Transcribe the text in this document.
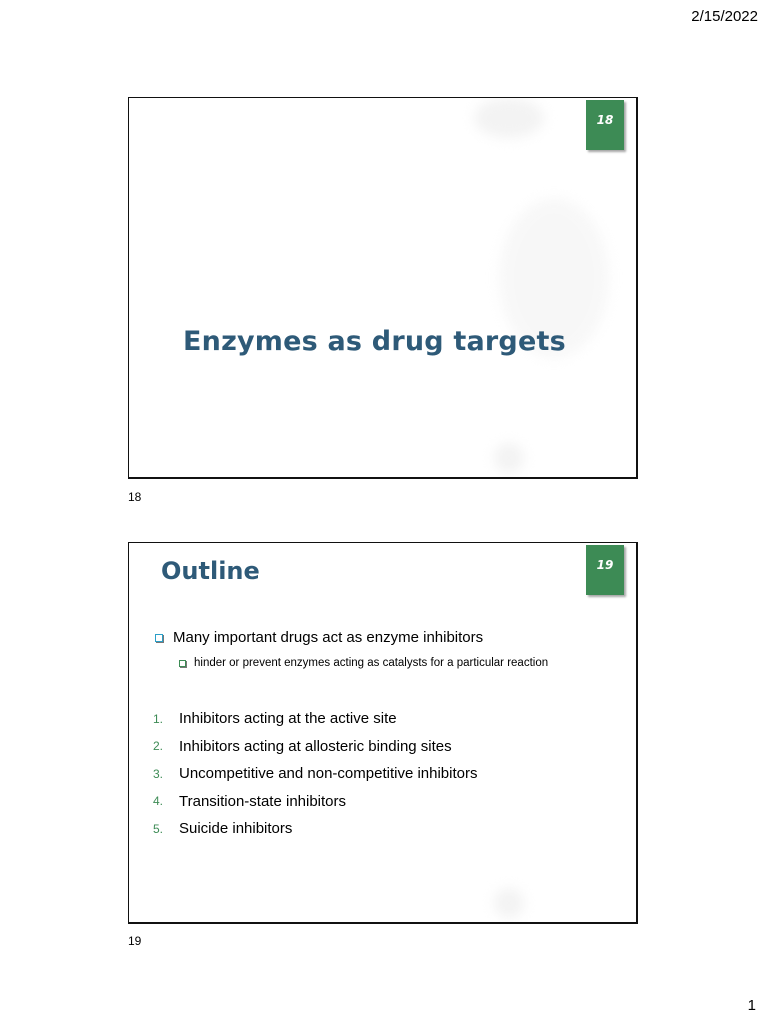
2/15/2022
18
Enzymes as drug targets
18
19
Outline
Many important drugs act as enzyme inhibitors
hinder or prevent enzymes acting as catalysts for a particular reaction
1.	Inhibitors acting at the active site
2.	Inhibitors acting at allosteric binding sites
3.	Uncompetitive and non-competitive inhibitors
4.	Transition-state inhibitors
5.	Suicide inhibitors
19
1
